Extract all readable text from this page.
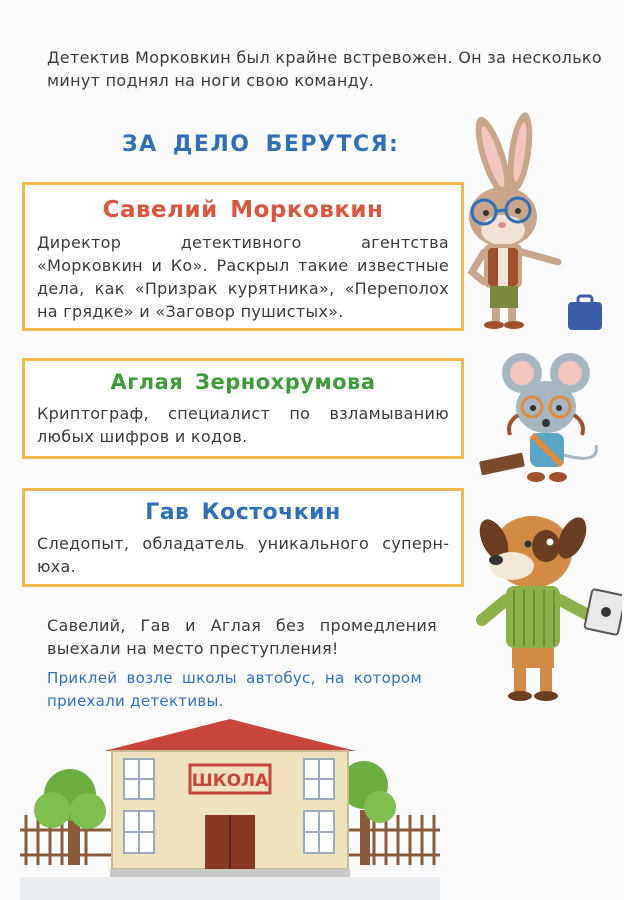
Детектив Морковкин был крайне встревожен. Он за несколько минут поднял на ноги свою команду.
ЗА ДЕЛО БЕРУТСЯ:
Савелий Морковкин
Директор детективного агентства «Морковкин и Ко». Раскрыл такие известные дела, как «Призрак курятника», «Переполох на грядке» и «Заговор пушистых».
Аглая Зернохрумова
Криптограф, специалист по взламыванию любых шифров и кодов.
Гав Косточкин
Следопыт, обладатель уникального супернюха.
Савелий, Гав и Аглая без промедления выехали на место преступления!
Приклей возле школы автобус, на котором приехали детективы.
ШКОЛА
